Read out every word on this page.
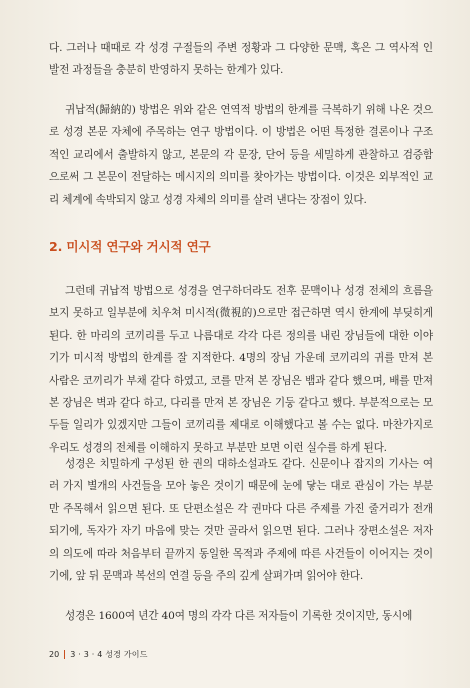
다. 그러나 때때로 각 성경 구절들의 주변 정황과 그 다양한 문맥, 혹은 그 역사적 인 발전 과정들을 충분히 반영하지 못하는 한계가 있다.

귀납적(歸納的) 방법은 위와 같은 연역적 방법의 한계를 극복하기 위해 나온 것으로 성경 본문 자체에 주목하는 연구 방법이다. 이 방법은 어떤 특정한 결론이나 구조적인 교리에서 출발하지 않고, 본문의 각 문장, 단어 등을 세밀하게 관찰하고 검증함으로써 그 본문이 전달하는 메시지의 의미를 찾아가는 방법이다. 이것은 외부적인 교리 체계에 속박되지 않고 성경 자체의 의미를 살려 낸다는 장점이 있다.

2. 미시적 연구와 거시적 연구

그런데 귀납적 방법으로 성경을 연구하더라도 전후 문맥이나 성경 전체의 흐름을 보지 못하고 일부분에 치우쳐 미시적(微視的)으로만 접근하면 역시 한계에 부딪히게 된다. 한 마리의 코끼리를 두고 나름대로 각각 다른 정의를 내린 장님들에 대한 이야기가 미시적 방법의 한계를 잘 지적한다. 4명의 장님 가운데 코끼리의 귀를 만져 본 사람은 코끼리가 부채 같다 하였고, 코를 만져 본 장님은 뱀과 같다 했으며, 배를 만져 본 장님은 벽과 같다 하고, 다리를 만져 본 장님은 기둥 같다고 했다. 부분적으로는 모두들 일리가 있겠지만 그들이 코끼리를 제대로 이해했다고 볼 수는 없다. 마찬가지로 우리도 성경의 전체를 이해하지 못하고 부분만 보면 이런 실수를 하게 된다.

성경은 치밀하게 구성된 한 권의 대하소설과도 같다. 신문이나 잡지의 기사는 여러 가지 별개의 사건들을 모아 놓은 것이기 때문에 눈에 닿는 대로 관심이 가는 부분만 주목해서 읽으면 된다. 또 단편소설은 각 권마다 다른 주제를 가진 줄거리가 전개되기에, 독자가 자기 마음에 맞는 것만 골라서 읽으면 된다. 그러나 장편소설은 저자의 의도에 따라 처음부터 끝까지 동일한 목적과 주제에 따른 사건들이 이어지는 것이기에, 앞 뒤 문맥과 복선의 연결 등을 주의 깊게 살펴가며 읽어야 한다.

성경은 1600여 년간 40여 명의 각각 다른 저자들이 기록한 것이지만, 동시에

20 3 · 3 · 4 성경 가이드
